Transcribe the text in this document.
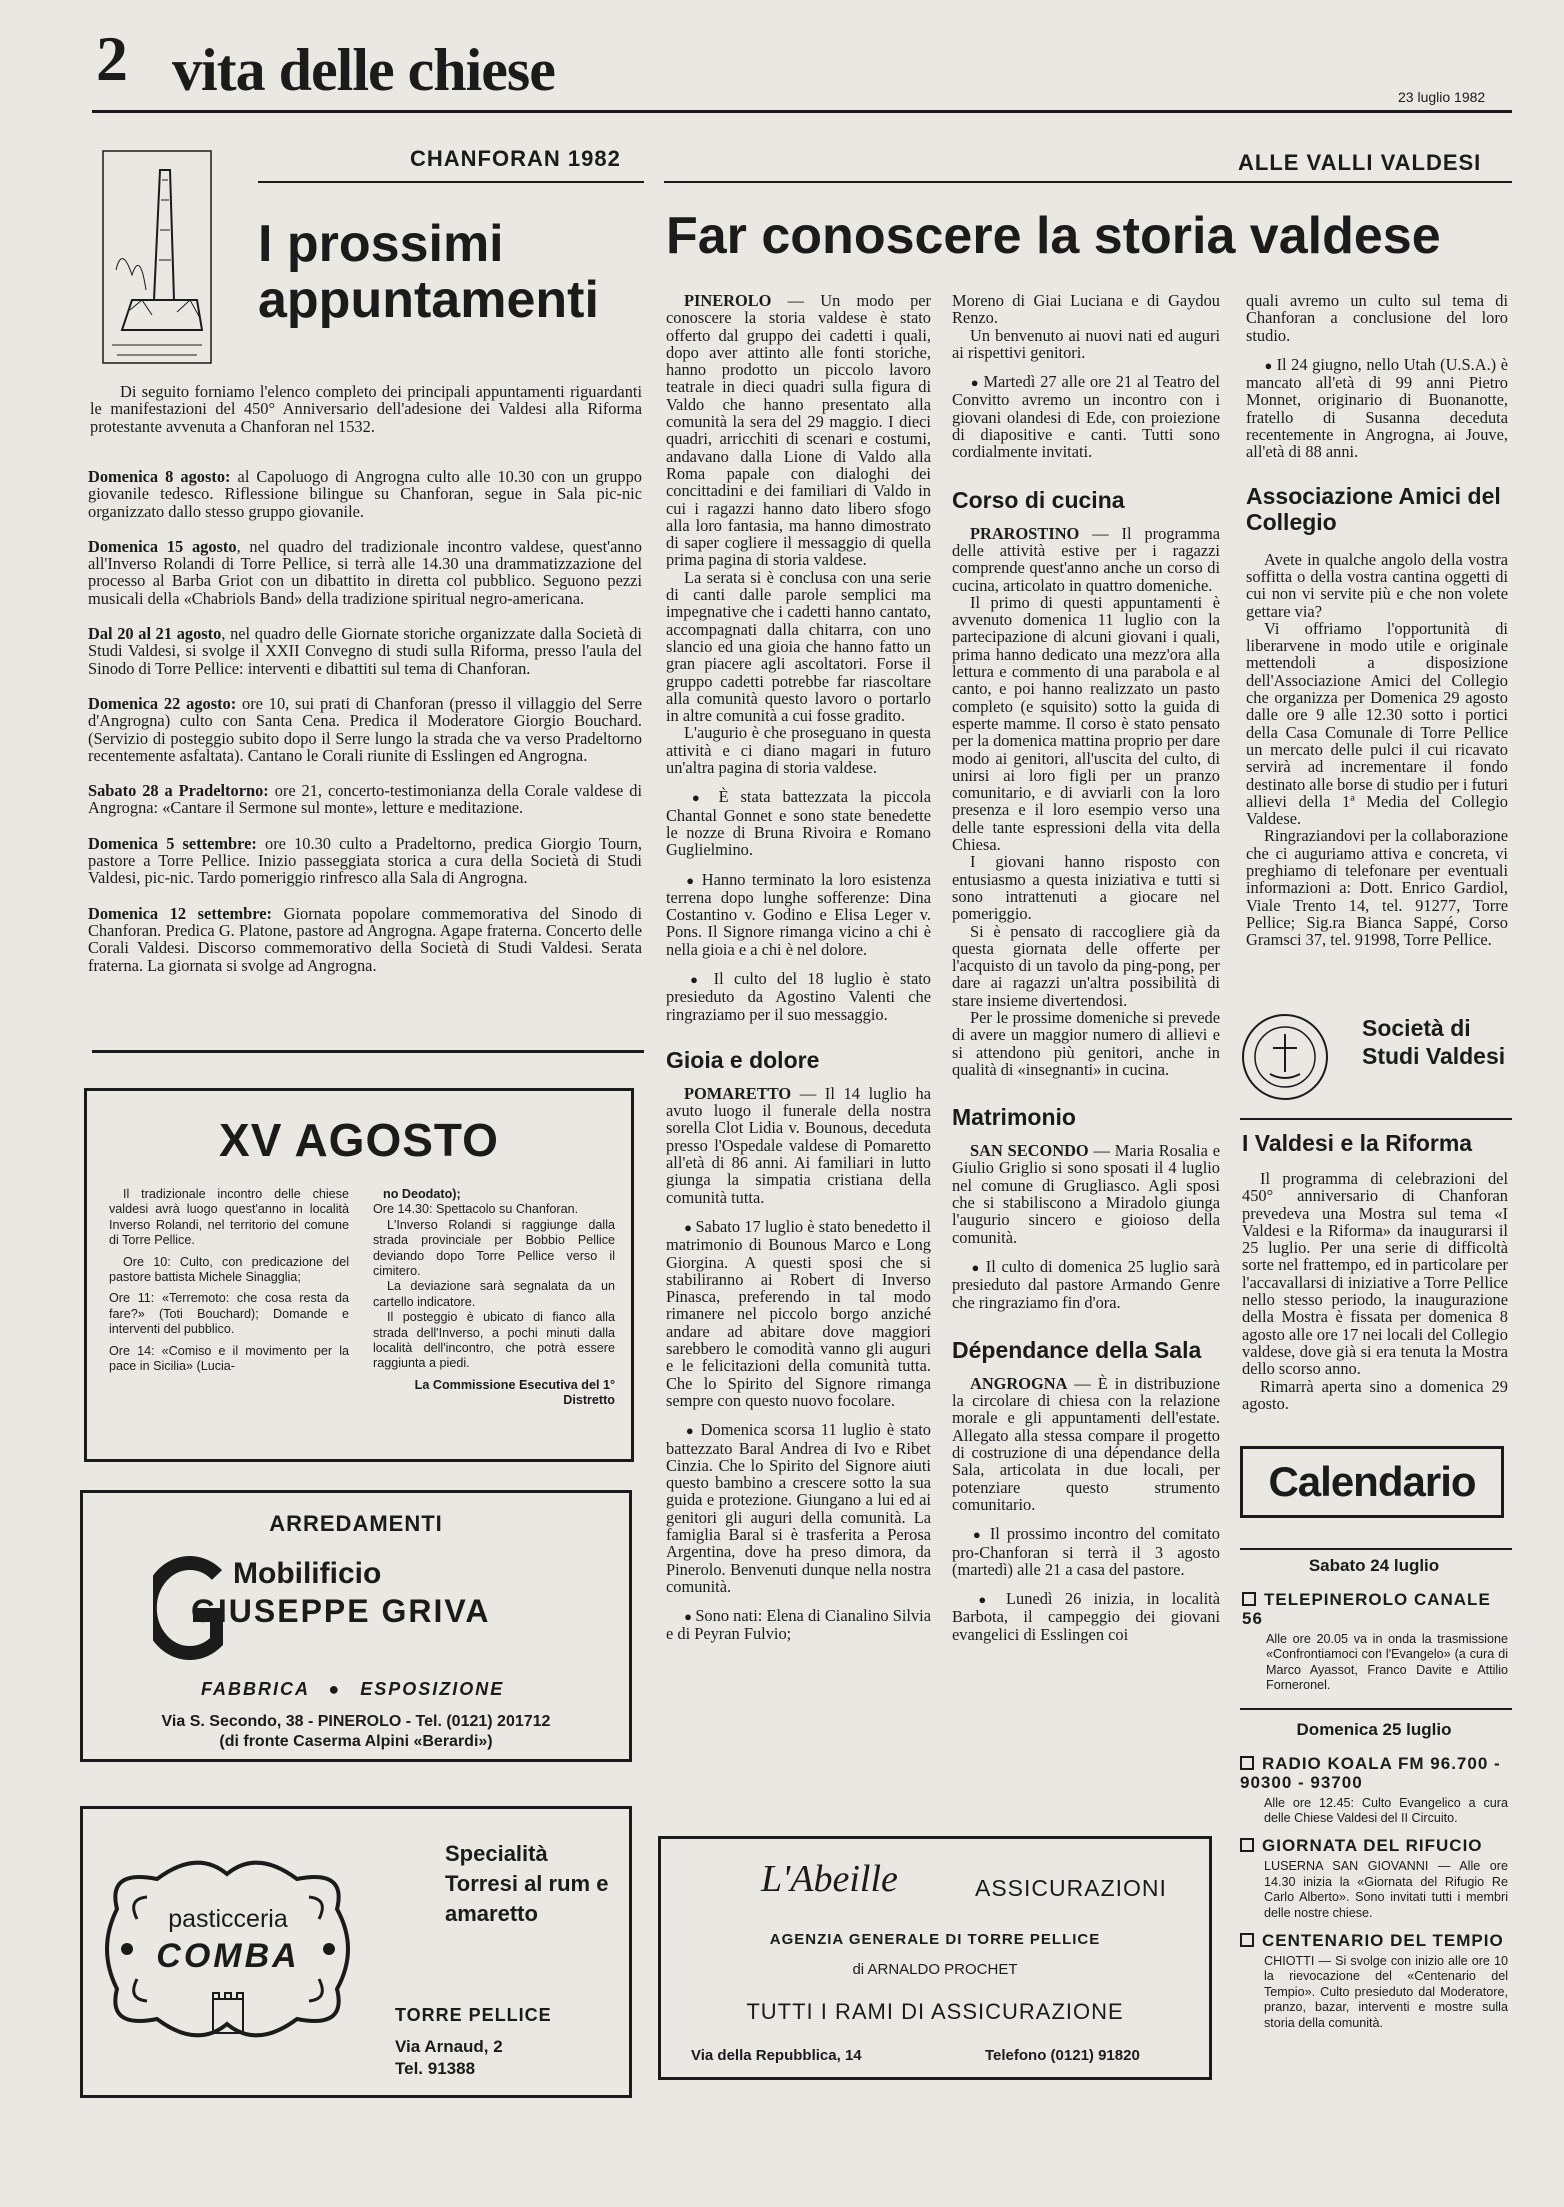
2 vita delle chiese	23 luglio 1982
CHANFORAN 1982
I prossimi appuntamenti
Di seguito forniamo l'elenco completo dei principali appuntamenti riguardanti le manifestazioni del 450° Anniversario dell'adesione dei Valdesi alla Riforma protestante avvenuta a Chanforan nel 1532.
Domenica 8 agosto: al Capoluogo di Angrogna culto alle 10.30 con un gruppo giovanile tedesco. Riflessione bilingue su Chanforan, segue in Sala pic-nic organizzato dallo stesso gruppo giovanile.
Domenica 15 agosto, nel quadro del tradizionale incontro valdese, quest'anno all'Inverso Rolandi di Torre Pellice, si terrà alle 14.30 una drammatizzazione del processo al Barba Griot con un dibattito in diretta col pubblico. Seguono pezzi musicali della «Chabriols Band» della tradizione spiritual negro-americana.
Dal 20 al 21 agosto, nel quadro delle Giornate storiche organizzate dalla Società di Studi Valdesi, si svolge il XXII Convegno di studi sulla Riforma, presso l'aula del Sinodo di Torre Pellice: interventi e dibattiti sul tema di Chanforan.
Domenica 22 agosto: ore 10, sui prati di Chanforan (presso il villaggio del Serre d'Angrogna) culto con Santa Cena. Predica il Moderatore Giorgio Bouchard. (Servizio di posteggio subito dopo il Serre lungo la strada che va verso Pradeltorno recentemente asfaltata). Cantano le Corali riunite di Esslingen ed Angrogna.
Sabato 28 a Pradeltorno: ore 21, concerto-testimonianza della Corale valdese di Angrogna: «Cantare il Sermone sul monte», letture e meditazione.
Domenica 5 settembre: ore 10.30 culto a Pradeltorno, predica Giorgio Tourn, pastore a Torre Pellice. Inizio passeggiata storica a cura della Società di Studi Valdesi, pic-nic. Tardo pomeriggio rinfresco alla Sala di Angrogna.
Domenica 12 settembre: Giornata popolare commemorativa del Sinodo di Chanforan. Predica G. Platone, pastore ad Angrogna. Agape fraterna. Concerto delle Corali Valdesi. Discorso commemorativo della Società di Studi Valdesi. Serata fraterna. La giornata si svolge ad Angrogna.
XV AGOSTO
Il tradizionale incontro delle chiese valdesi avrà luogo quest'anno in località Inverso Rolandi, nel territorio del comune di Torre Pellice.
Ore 10: Culto, con predicazione del pastore battista Michele Sinagglia;
Ore 11: «Terremoto: che cosa resta da fare?» (Toti Bouchard); Domande e interventi del pubblico.
Ore 14: «Comiso e il movimento per la pace in Sicilia» (Lucia-
no Deodato);
Ore 14.30: Spettacolo su Chanforan.
L'Inverso Rolandi si raggiunge dalla strada provinciale per Bobbio Pellice deviando dopo Torre Pellice verso il cimitero.
La deviazione sarà segnalata da un cartello indicatore.
Il posteggio è ubicato di fianco alla strada dell'Inverso, a pochi minuti dalla località dell'incontro, che potrà essere raggiunta a piedi.
La Commissione Esecutiva del 1° Distretto
ARREDAMENTI
Mobilificio
GIUSEPPE GRIVA
FABBRICA ● ESPOSIZIONE
Via S. Secondo, 38 - PINEROLO - Tel. (0121) 201712
(di fronte Caserma Alpini «Berardi»)
pasticceria
COMBA
Specialità Torresi al rum e amaretto
TORRE PELLICE
Via Arnaud, 2
Tel. 91388
ALLE VALLI VALDESI
Far conoscere la storia valdese
PINEROLO — Un modo per conoscere la storia valdese è stato offerto dal gruppo dei cadetti i quali, dopo aver attinto alle fonti storiche, hanno prodotto un piccolo lavoro teatrale in dieci quadri sulla figura di Valdo che hanno presentato alla comunità la sera del 29 maggio. I dieci quadri, arricchiti di scenari e costumi, andavano dalla Lione di Valdo alla Roma papale con dialoghi dei concittadini e dei familiari di Valdo in cui i ragazzi hanno dato libero sfogo alla loro fantasia, ma hanno dimostrato di saper cogliere il messaggio di quella prima pagina di storia valdese.
La serata si è conclusa con una serie di canti dalle parole semplici ma impegnative che i cadetti hanno cantato, accompagnati dalla chitarra, con uno slancio ed una gioia che hanno fatto un gran piacere agli ascoltatori. Forse il gruppo cadetti potrebbe far riascoltare alla comunità questo lavoro o portarlo in altre comunità a cui fosse gradito.
L'augurio è che proseguano in questa attività e ci diano magari in futuro un'altra pagina di storia valdese.
● È stata battezzata la piccola Chantal Gonnet e sono state benedette le nozze di Bruna Rivoira e Romano Guglielmino.
● Hanno terminato la loro esistenza terrena dopo lunghe sofferenze: Dina Costantino v. Godino e Elisa Leger v. Pons. Il Signore rimanga vicino a chi è nella gioia e a chi è nel dolore.
● Il culto del 18 luglio è stato presieduto da Agostino Valenti che ringraziamo per il suo messaggio.
Gioia e dolore
POMARETTO — Il 14 luglio ha avuto luogo il funerale della nostra sorella Clot Lidia v. Bounous, deceduta presso l'Ospedale valdese di Pomaretto all'età di 86 anni. Ai familiari in lutto giunga la simpatia cristiana della comunità tutta.
● Sabato 17 luglio è stato benedetto il matrimonio di Bounous Marco e Long Giorgina. A questi sposi che si stabiliranno ai Robert di Inverso Pinasca, preferendo in tal modo rimanere nel piccolo borgo anziché andare ad abitare dove maggiori sarebbero le comodità vanno gli auguri e le felicitazioni della comunità tutta. Che lo Spirito del Signore rimanga sempre con questo nuovo focolare.
● Domenica scorsa 11 luglio è stato battezzato Baral Andrea di Ivo e Ribet Cinzia. Che lo Spirito del Signore aiuti questo bambino a crescere sotto la sua guida e protezione. Giungano a lui ed ai genitori gli auguri della comunità. La famiglia Baral si è trasferita a Perosa Argentina, dove ha preso dimora, da Pinerolo. Benvenuti dunque nella nostra comunità.
● Sono nati: Elena di Cianalino Silvia e di Peyran Fulvio;
Moreno di Giai Luciana e di Gaydou Renzo.
Un benvenuto ai nuovi nati ed auguri ai rispettivi genitori.
● Martedì 27 alle ore 21 al Teatro del Convitto avremo un incontro con i giovani olandesi di Ede, con proiezione di diapositive e canti. Tutti sono cordialmente invitati.
Corso di cucina
PRAROSTINO — Il programma delle attività estive per i ragazzi comprende quest'anno anche un corso di cucina, articolato in quattro domeniche.
Il primo di questi appuntamenti è avvenuto domenica 11 luglio con la partecipazione di alcuni giovani i quali, prima hanno dedicato una mezz'ora alla lettura e commento di una parabola e al canto, e poi hanno realizzato un pasto completo (e squisito) sotto la guida di esperte mamme. Il corso è stato pensato per la domenica mattina proprio per dare modo ai genitori, all'uscita del culto, di unirsi ai loro figli per un pranzo comunitario, e di avviarli con la loro presenza e il loro esempio verso una delle tante espressioni della vita della Chiesa.
I giovani hanno risposto con entusiasmo a questa iniziativa e tutti si sono intrattenuti a giocare nel pomeriggio.
Si è pensato di raccogliere già da questa giornata delle offerte per l'acquisto di un tavolo da ping-pong, per dare ai ragazzi un'altra possibilità di stare insieme divertendosi.
Per le prossime domeniche si prevede di avere un maggior numero di allievi e si attendono più genitori, anche in qualità di «insegnanti» in cucina.
Matrimonio
SAN SECONDO — Maria Rosalia e Giulio Griglio si sono sposati il 4 luglio nel comune di Grugliasco. Agli sposi che si stabiliscono a Miradolo giunga l'augurio sincero e gioioso della comunità.
● Il culto di domenica 25 luglio sarà presieduto dal pastore Armando Genre che ringraziamo fin d'ora.
Dépendance della Sala
ANGROGNA — È in distribuzione la circolare di chiesa con la relazione morale e gli appuntamenti dell'estate. Allegato alla stessa compare il progetto di costruzione di una dépendance della Sala, articolata in due locali, per potenziare questo strumento comunitario.
● Il prossimo incontro del comitato pro-Chanforan si terrà il 3 agosto (martedì) alle 21 a casa del pastore.
● Lunedì 26 inizia, in località Barbota, il campeggio dei giovani evangelici di Esslingen coi
quali avremo un culto sul tema di Chanforan a conclusione del loro studio.
● Il 24 giugno, nello Utah (U.S.A.) è mancato all'età di 99 anni Pietro Monnet, originario di Buonanotte, fratello di Susanna deceduta recentemente in Angrogna, ai Jouve, all'età di 88 anni.
Associazione Amici del Collegio
Avete in qualche angolo della vostra soffitta o della vostra cantina oggetti di cui non vi servite più e che non volete gettare via?
Vi offriamo l'opportunità di liberarvene in modo utile e originale mettendoli a disposizione dell'Associazione Amici del Collegio che organizza per Domenica 29 agosto dalle ore 9 alle 12.30 sotto i portici della Casa Comunale di Torre Pellice un mercato delle pulci il cui ricavato servirà ad incrementare il fondo destinato alle borse di studio per i futuri allievi della 1ª Media del Collegio Valdese.
Ringraziandovi per la collaborazione che ci auguriamo attiva e concreta, vi preghiamo di telefonare per eventuali informazioni a: Dott. Enrico Gardiol, Viale Trento 14, tel. 91277, Torre Pellice; Sig.ra Bianca Sappé, Corso Gramsci 37, tel. 91998, Torre Pellice.
Società di Studi Valdesi
I Valdesi e la Riforma
Il programma di celebrazioni del 450° anniversario di Chanforan prevedeva una Mostra sul tema «I Valdesi e la Riforma» da inaugurarsi il 25 luglio. Per una serie di difficoltà sorte nel frattempo, ed in particolare per l'accavallarsi di iniziative a Torre Pellice nello stesso periodo, la inaugurazione della Mostra è fissata per domenica 8 agosto alle ore 17 nei locali del Collegio valdese, dove già si era tenuta la Mostra dello scorso anno.
Rimarrà aperta sino a domenica 29 agosto.
Calendario
Sabato 24 luglio
TELEPINEROLO CANALE 56
Alle ore 20.05 va in onda la trasmissione «Confrontiamoci con l'Evangelo» (a cura di Marco Ayassot, Franco Davite e Attilio Forneronel.
Domenica 25 luglio
RADIO KOALA FM 96.700 - 90300 - 93700
Alle ore 12.45: Culto Evangelico a cura delle Chiese Valdesi del II Circuito.
GIORNATA DEL RIFUCIO
LUSERNA SAN GIOVANNI — Alle ore 14.30 inizia la «Giornata del Rifugio Re Carlo Alberto». Sono invitati tutti i membri delle nostre chiese.
CENTENARIO DEL TEMPIO
CHIOTTI — Si svolge con inizio alle ore 10 la rievocazione del «Centenario del Tempio». Culto presieduto dal Moderatore, pranzo, bazar, interventi e mostre sulla storia della comunità.
L'Abeille	ASSICURAZIONI
AGENZIA GENERALE DI TORRE PELLICE
di ARNALDO PROCHET
TUTTI I RAMI DI ASSICURAZIONE
Via della Repubblica, 14	Telefono (0121) 91820
